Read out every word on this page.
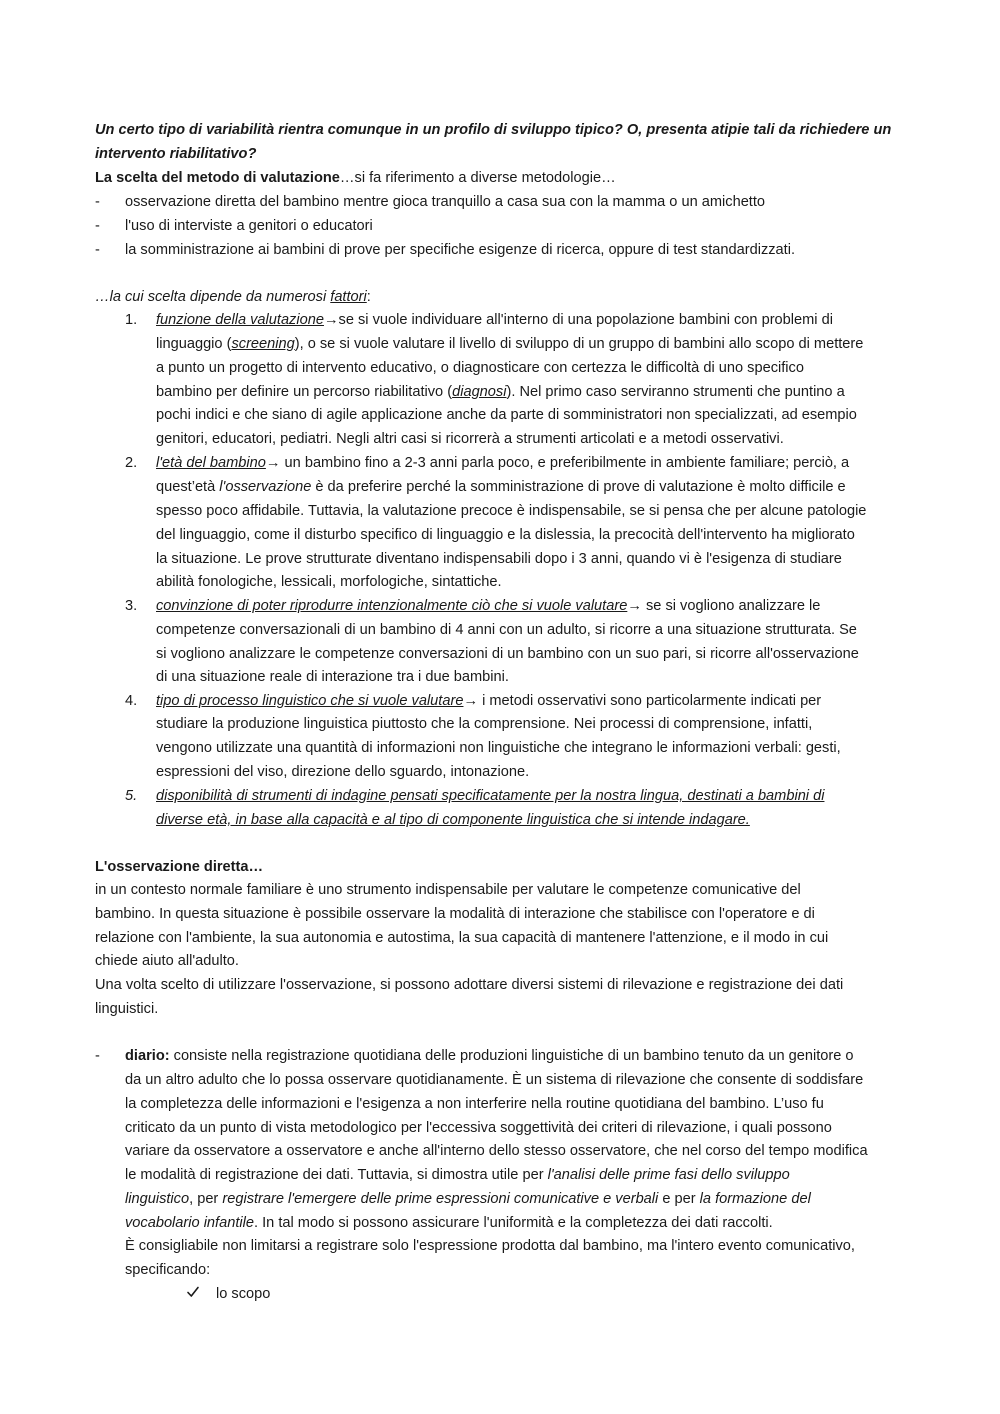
Un certo tipo di variabilità rientra comunque in un profilo di sviluppo tipico? O, presenta atipie tali da richiedere un
intervento riabilitativo?
La scelta del metodo di valutazione…si fa riferimento a diverse metodologie…
- osservazione diretta del bambino mentre gioca tranquillo a casa sua con la mamma o un amichetto
- l'uso di interviste a genitori o educatori
- la somministrazione ai bambini di prove per specifiche esigenze di ricerca, oppure di test standardizzati.
…la cui scelta dipende da numerosi fattori:
1. funzione della valutazione→se si vuole individuare all'interno di una popolazione bambini con problemi di
linguaggio (screening), o se si vuole valutare il livello di sviluppo di un gruppo di bambini allo scopo di mettere
a punto un progetto di intervento educativo, o diagnosticare con certezza le difficoltà di uno specifico
bambino per definire un percorso riabilitativo (diagnosi). Nel primo caso serviranno strumenti che puntino a
pochi indici e che siano di agile applicazione anche da parte di somministratori non specializzati, ad esempio
genitori, educatori, pediatri. Negli altri casi si ricorrerà a strumenti articolati e a metodi osservativi.
2. l'età del bambino→ un bambino fino a 2-3 anni parla poco, e preferibilmente in ambiente familiare; perciò, a
quest’età l'osservazione è da preferire perché la somministrazione di prove di valutazione è molto difficile e
spesso poco affidabile. Tuttavia, la valutazione precoce è indispensabile, se si pensa che per alcune patologie
del linguaggio, come il disturbo specifico di linguaggio e la dislessia, la precocità dell'intervento ha migliorato
la situazione. Le prove strutturate diventano indispensabili dopo i 3 anni, quando vi è l'esigenza di studiare
abilità fonologiche, lessicali, morfologiche, sintattiche.
3. convinzione di poter riprodurre intenzionalmente ciò che si vuole valutare→ se si vogliono analizzare le
competenze conversazionali di un bambino di 4 anni con un adulto, si ricorre a una situazione strutturata. Se
si vogliono analizzare le competenze conversazioni di un bambino con un suo pari, si ricorre all'osservazione
di una situazione reale di interazione tra i due bambini.
4. tipo di processo linguistico che si vuole valutare→ i metodi osservativi sono particolarmente indicati per
studiare la produzione linguistica piuttosto che la comprensione. Nei processi di comprensione, infatti,
vengono utilizzate una quantità di informazioni non linguistiche che integrano le informazioni verbali: gesti,
espressioni del viso, direzione dello sguardo, intonazione.
5. disponibilità di strumenti di indagine pensati specificatamente per la nostra lingua, destinati a bambini di
diverse età, in base alla capacità e al tipo di componente linguistica che si intende indagare.
L'osservazione diretta…
in un contesto normale familiare è uno strumento indispensabile per valutare le competenze comunicative del
bambino. In questa situazione è possibile osservare la modalità di interazione che stabilisce con l'operatore e di
relazione con l'ambiente, la sua autonomia e autostima, la sua capacità di mantenere l'attenzione, e il modo in cui
chiede aiuto all'adulto.
Una volta scelto di utilizzare l'osservazione, si possono adottare diversi sistemi di rilevazione e registrazione dei dati
linguistici.
- diario: consiste nella registrazione quotidiana delle produzioni linguistiche di un bambino tenuto da un genitore o
da un altro adulto che lo possa osservare quotidianamente. È un sistema di rilevazione che consente di soddisfare
la completezza delle informazioni e l'esigenza a non interferire nella routine quotidiana del bambino. L’uso fu
criticato da un punto di vista metodologico per l'eccessiva soggettività dei criteri di rilevazione, i quali possono
variare da osservatore a osservatore e anche all'interno dello stesso osservatore, che nel corso del tempo modifica
le modalità di registrazione dei dati. Tuttavia, si dimostra utile per l'analisi delle prime fasi dello sviluppo
linguistico, per registrare l'emergere delle prime espressioni comunicative e verbali e per la formazione del
vocabolario infantile. In tal modo si possono assicurare l'uniformità e la completezza dei dati raccolti.
È consigliabile non limitarsi a registrare solo l'espressione prodotta dal bambino, ma l'intero evento comunicativo,
specificando:
lo scopo
